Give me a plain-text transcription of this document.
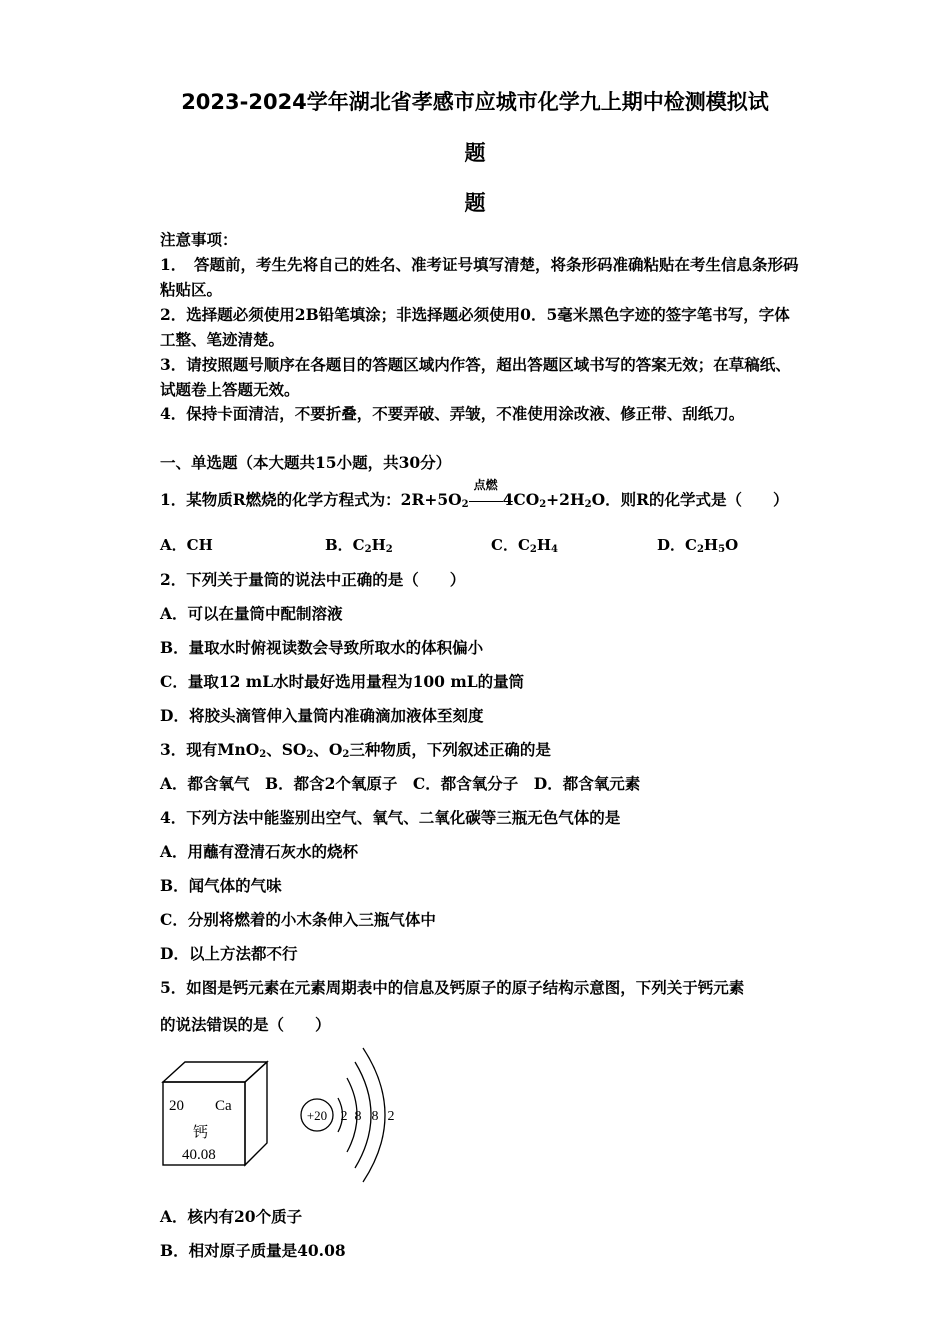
2023-2024学年湖北省孝感市应城市化学九上期中检测模拟试
题
题
注意事项：
1．　答题前，考生先将自己的姓名、准考证号填写清楚，将条形码准确粘贴在考生信息条形码粘贴区。
2．选择题必须使用2B铅笔填涂；非选择题必须使用0．5毫米黑色字迹的签字笔书写，字体工整、笔迹清楚。
3．请按照题号顺序在各题目的答题区域内作答，超出答题区域书写的答案无效；在草稿纸、试题卷上答题无效。
4．保持卡面清洁，不要折叠，不要弄破、弄皱，不准使用涂改液、修正带、刮纸刀。
一、单选题（本大题共15小题，共30分）
1．某物质R燃烧的化学方程式为：$2R+5O_2$
点燃
$4CO_2+2H_2O$．则R的化学式是（　　）
A．CH	B．$C_2H_2$	C．$C_2H_4$	D．$C_2H_5O$
2．下列关于量筒的说法中正确的是（　　）
A．可以在量筒中配制溶液
B．量取水时俯视读数会导致所取水的体积偏小
C．量取12 mL水时最好选用量程为100 mL的量筒
D．将胶头滴管伸入量筒内准确滴加液体至刻度
3．现有MnO$_2$、$SO_2$、$O_2$三种物质，下列叙述正确的是
A．都含氧气　B．都含2个氧原子　C．都含氧分子　D．都含氧元素
4．下列方法中能鉴别出空气、氧气、二氧化碳等三瓶无色气体的是
A．用蘸有澄清石灰水的烧杯
B．闻气体的气味
C．分别将燃着的小木条伸入三瓶气体中
D．以上方法都不行
5．如图是钙元素在元素周期表中的信息及钙原子的原子结构示意图，下列关于钙元素
的说法错误的是（　　）
20 Ca
钙
40.08
+20 2 8 8 2
A．核内有20个质子
B．相对原子质量是40.08
